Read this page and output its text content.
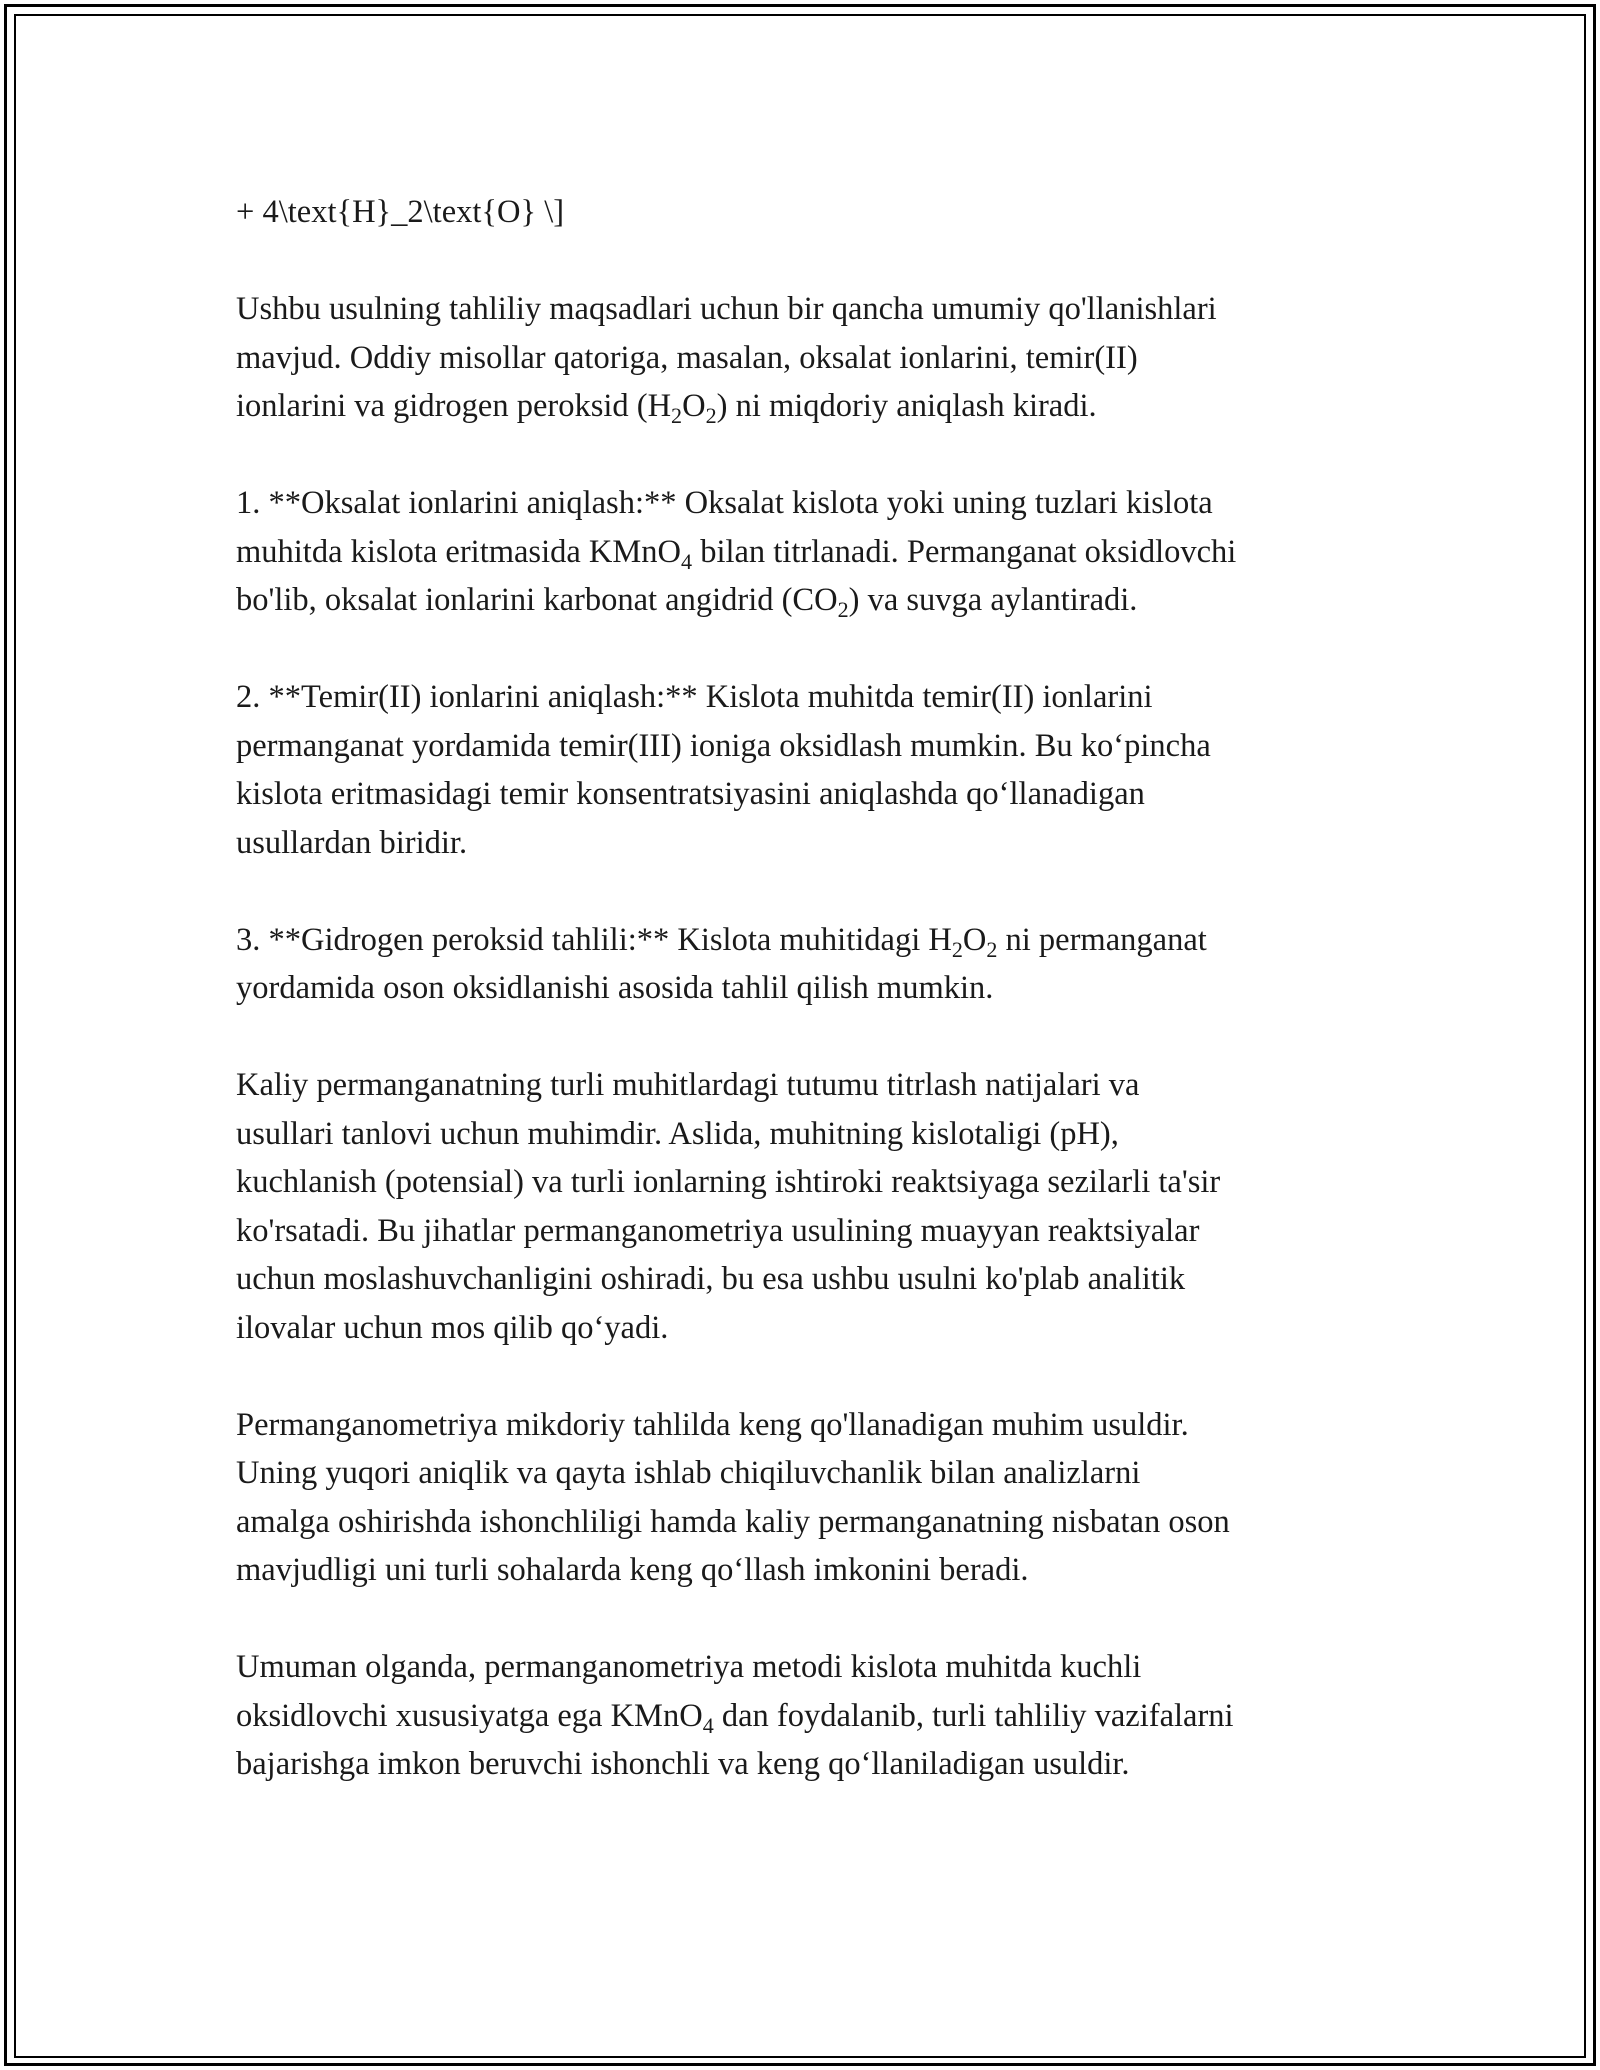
+ 4\text{H}_2\text{O} \]

Ushbu usulning tahliliy maqsadlari uchun bir qancha umumiy qo'llanishlari
mavjud. Oddiy misollar qatoriga, masalan, oksalat ionlarini, temir(II)
ionlarini va gidrogen peroksid $(H_2O_2)$ ni miqdoriy aniqlash kiradi.

1. **Oksalat ionlarini aniqlash:** Oksalat kislota yoki uning tuzlari kislota
muhitda kislota eritmasida KMnO$_4$ bilan titrlanadi. Permanganat oksidlovchi
bo'lib, oksalat ionlarini karbonat angidrid $(CO_2)$ va suvga aylantiradi.

2. **Temir(II) ionlarini aniqlash:** Kislota muhitda temir(II) ionlarini
permanganat yordamida temir(III) ioniga oksidlash mumkin. Bu ko‘pincha
kislota eritmasidagi temir konsentratsiyasini aniqlashda qo‘llanadigan
usullardan biridir.

3. **Gidrogen peroksid tahlili:** Kislota muhitidagi $H_2O_2$ ni permanganat
yordamida oson oksidlanishi asosida tahlil qilish mumkin.

Kaliy permanganatning turli muhitlardagi tutumu titrlash natijalari va
usullari tanlovi uchun muhimdir. Aslida, muhitning kislotaligi (pH),
kuchlanish (potensial) va turli ionlarning ishtiroki reaktsiyaga sezilarli ta'sir
ko'rsatadi. Bu jihatlar permanganometriya usulining muayyan reaktsiyalar
uchun moslashuvchanligini oshiradi, bu esa ushbu usulni ko'plab analitik
ilovalar uchun mos qilib qo‘yadi.

Permanganometriya mikdoriy tahlilda keng qo'llanadigan muhim usuldir.
Uning yuqori aniqlik va qayta ishlab chiqiluvchanlik bilan analizlarni
amalga oshirishda ishonchliligi hamda kaliy permanganatning nisbatan oson
mavjudligi uni turli sohalarda keng qo‘llash imkonini beradi.

Umuman olganda, permanganometriya metodi kislota muhitda kuchli
oksidlovchi xususiyatga ega KMnO$_4$ dan foydalanib, turli tahliliy vazifalarni
bajarishga imkon beruvchi ishonchli va keng qo‘llaniladigan usuldir.
